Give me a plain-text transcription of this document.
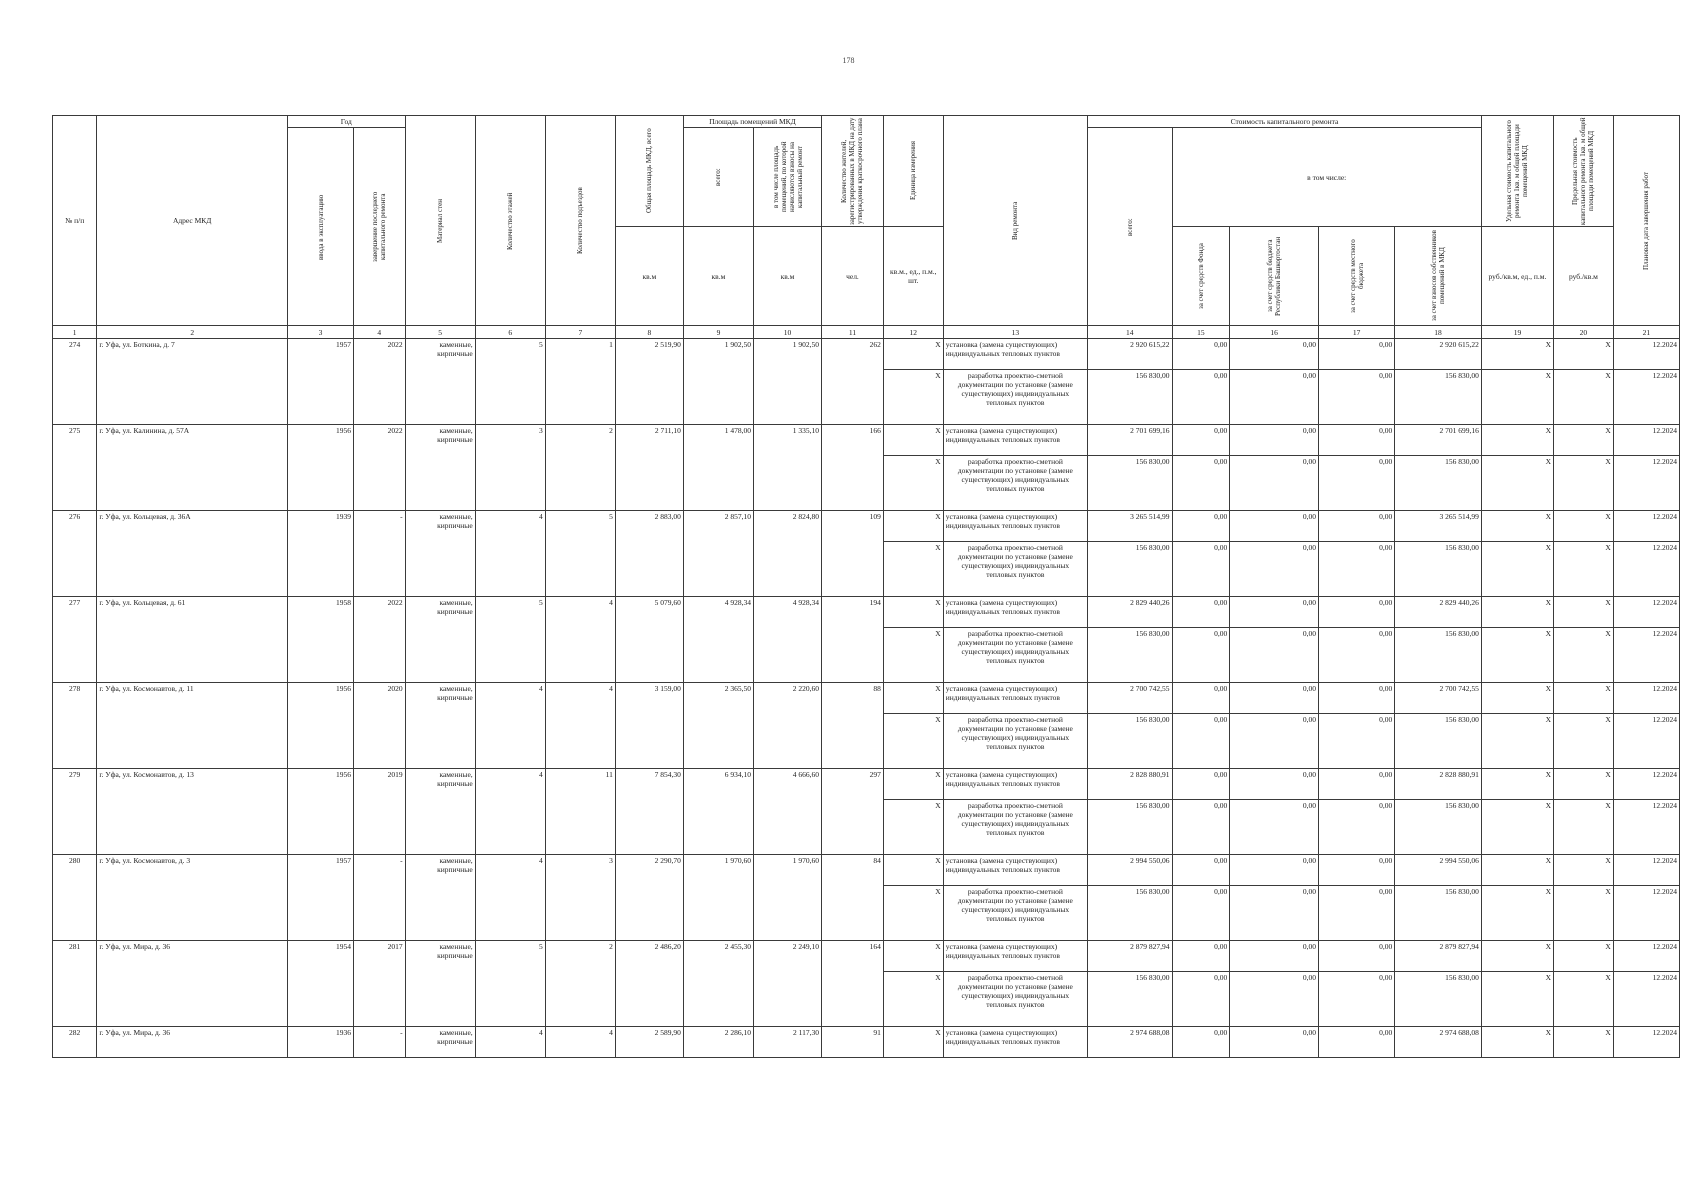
178
№ п/п	Адрес МКД	Год		Материал стен	Количество этажей	Количество подъездов	Общая площадь МКД, всего	Площадь помещений МКД		Количество жителей, зарегистрированных в МКД на дату утверждения краткосрочного плана	Единица измерения	Вид ремонта	Стоимость капитального ремонта					Удельная стоимость капитального ремонта 1кв. м общей площади помещений МКД	Предельная стоимость капитального ремонта 1кв. м общей площади помещений МКД	Плановая дата завершения работ

		ввода в эксплуатацию	завершение последнего капитального ремонта					всего:	в том числе площадь помещений, по которой начисляются взносы на капитальный ремонт				всего:	в том числе:						
							кв.м	кв.м	кв.м	чел.	кв.м., ед., п.м., шт.			за счет средств Фонда	за счет средств бюджета Республики Башкортостан	за счет средств местного бюджета	за счет взносов собственников помещений в МКД	руб./кв.м, ед., п.м.	руб./кв.м	
1	2	3	4	5	6	7	8	9	10	11	12	13	14	15	16	17	18	19	20	21
274	г. Уфа, ул. Боткина, д. 7	1957	2022	каменные, кирпичные	5	1	2 519,90	1 902,50	1 902,50	262	X	установка (замена существующих) индивидуальных тепловых пунктов	2 920 615,22	0,00	0,00	0,00	2 920 615,22	X	X	12.2024

											X	разработка проектно-сметной документации по установке (замене существующих) индивидуальных тепловых пунктов	156 830,00	0,00	0,00	0,00	156 830,00	X	X	12.2024
275	г. Уфа, ул. Калинина, д. 57А	1956	2022	каменные, кирпичные	3	2	2 711,10	1 478,00	1 335,10	166	X	установка (замена существующих) индивидуальных тепловых пунктов	2 701 699,16	0,00	0,00	0,00	2 701 699,16	X	X	12.2024

											X	разработка проектно-сметной документации по установке (замене существующих) индивидуальных тепловых пунктов	156 830,00	0,00	0,00	0,00	156 830,00	X	X	12.2024
276	г. Уфа, ул. Кольцевая, д. 36А	1939	-	каменные, кирпичные	4	5	2 883,00	2 857,10	2 824,80	109	X	установка (замена существующих) индивидуальных тепловых пунктов	3 265 514,99	0,00	0,00	0,00	3 265 514,99	X	X	12.2024

											X	разработка проектно-сметной документации по установке (замене существующих) индивидуальных тепловых пунктов	156 830,00	0,00	0,00	0,00	156 830,00	X	X	12.2024
277	г. Уфа, ул. Кольцевая, д. 61	1958	2022	каменные, кирпичные	5	4	5 079,60	4 928,34	4 928,34	194	X	установка (замена существующих) индивидуальных тепловых пунктов	2 829 440,26	0,00	0,00	0,00	2 829 440,26	X	X	12.2024

											X	разработка проектно-сметной документации по установке (замене существующих) индивидуальных тепловых пунктов	156 830,00	0,00	0,00	0,00	156 830,00	X	X	12.2024
278	г. Уфа, ул. Космонавтов, д. 11	1956	2020	каменные, кирпичные	4	4	3 159,00	2 365,50	2 220,60	88	X	установка (замена существующих) индивидуальных тепловых пунктов	2 700 742,55	0,00	0,00	0,00	2 700 742,55	X	X	12.2024

											X	разработка проектно-сметной документации по установке (замене существующих) индивидуальных тепловых пунктов	156 830,00	0,00	0,00	0,00	156 830,00	X	X	12.2024
279	г. Уфа, ул. Космонавтов, д. 13	1956	2019	каменные, кирпичные	4	11	7 854,30	6 934,10	4 666,60	297	X	установка (замена существующих) индивидуальных тепловых пунктов	2 828 880,91	0,00	0,00	0,00	2 828 880,91	X	X	12.2024

											X	разработка проектно-сметной документации по установке (замене существующих) индивидуальных тепловых пунктов	156 830,00	0,00	0,00	0,00	156 830,00	X	X	12.2024
280	г. Уфа, ул. Космонавтов, д. 3	1957	-	каменные, кирпичные	4	3	2 290,70	1 970,60	1 970,60	84	X	установка (замена существующих) индивидуальных тепловых пунктов	2 994 550,06	0,00	0,00	0,00	2 994 550,06	X	X	12.2024

											X	разработка проектно-сметной документации по установке (замене существующих) индивидуальных тепловых пунктов	156 830,00	0,00	0,00	0,00	156 830,00	X	X	12.2024
281	г. Уфа, ул. Мира, д. 36	1954	2017	каменные, кирпичные	5	2	2 486,20	2 455,30	2 249,10	164	X	установка (замена существующих) индивидуальных тепловых пунктов	2 879 827,94	0,00	0,00	0,00	2 879 827,94	X	X	12.2024

											X	разработка проектно-сметной документации по установке (замене существующих) индивидуальных тепловых пунктов	156 830,00	0,00	0,00	0,00	156 830,00	X	X	12.2024
282	г. Уфа, ул. Мира, д. 36	1936	-	каменные, кирпичные	4	4	2 589,90	2 286,10	2 117,30	91	X	установка (замена существующих) индивидуальных тепловых пунктов	2 974 688,08	0,00	0,00	0,00	2 974 688,08	X	X	12.2024
